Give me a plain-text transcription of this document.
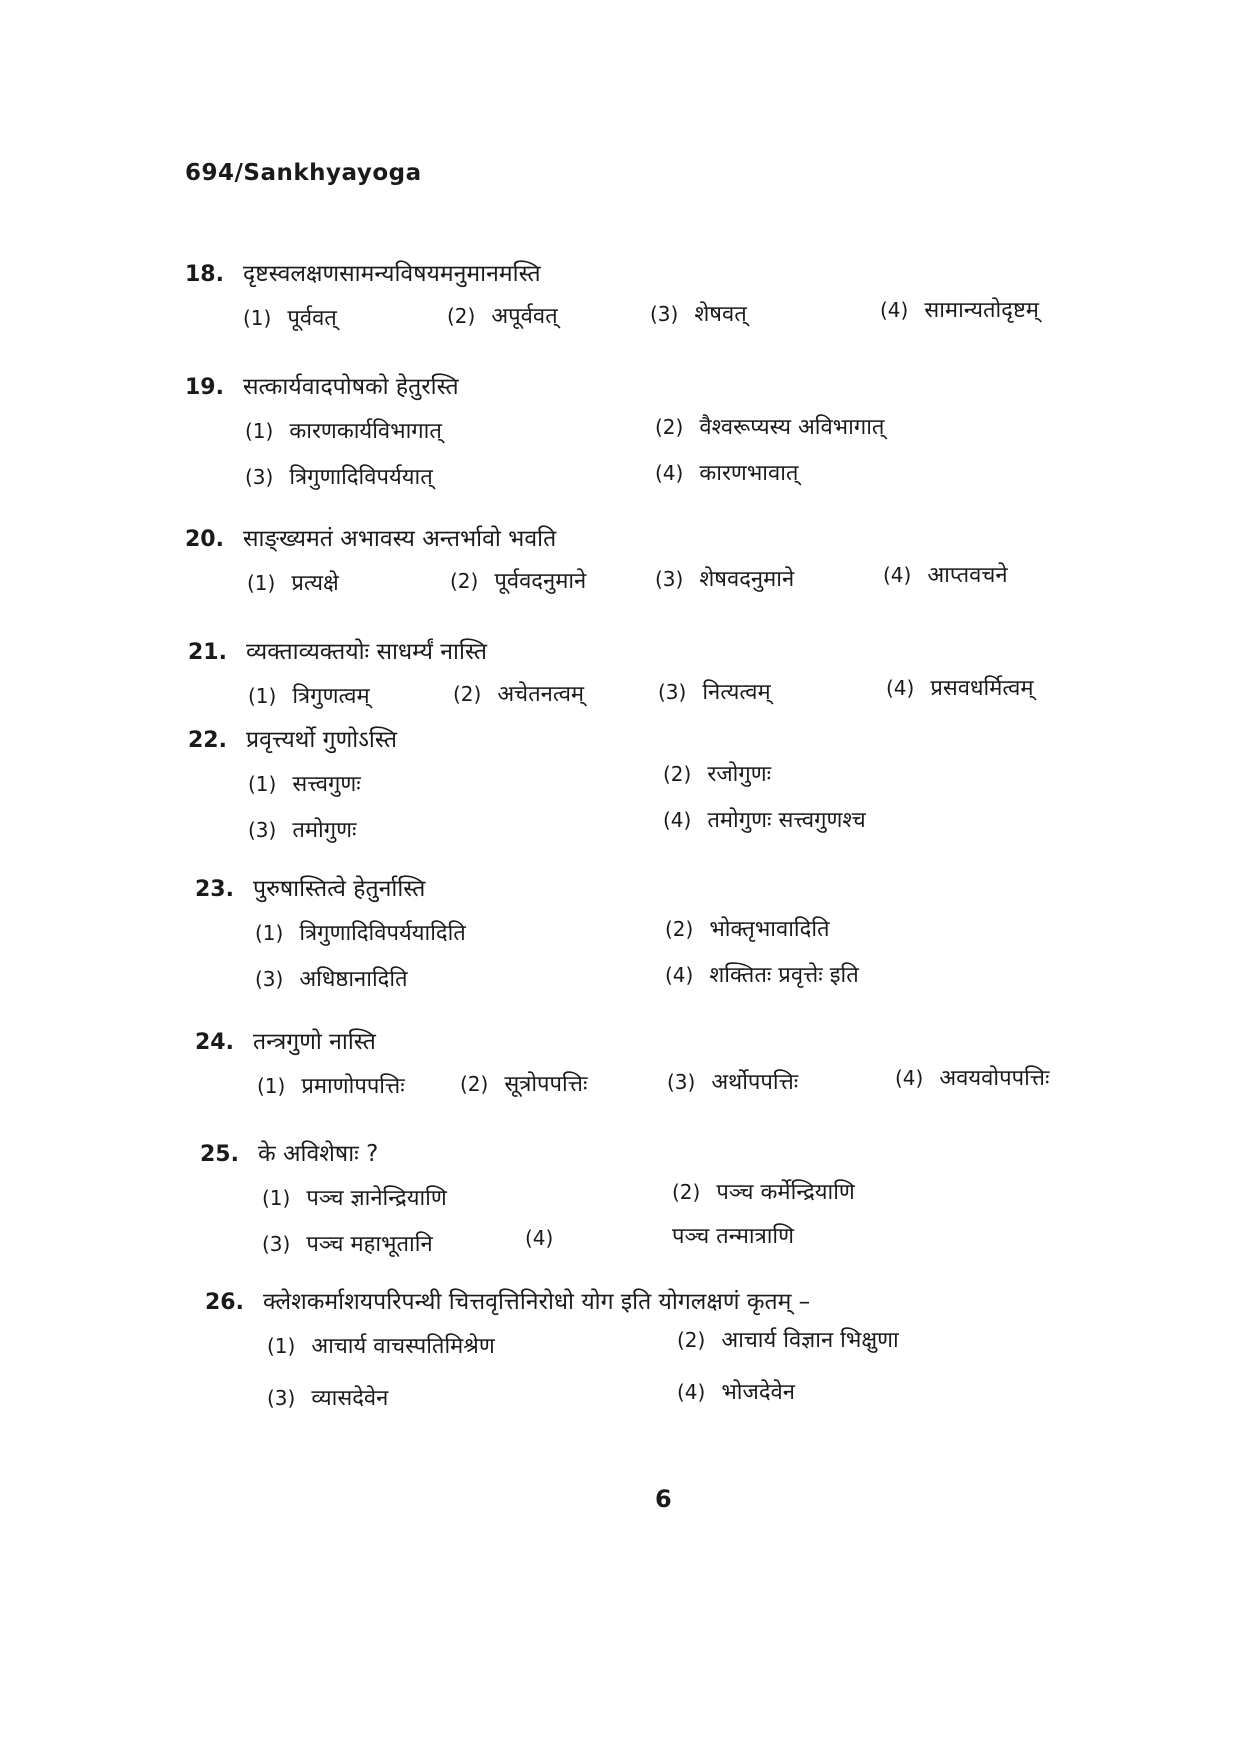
694/Sankhyayoga
18. दृष्टस्वलक्षणसामन्यविषयमनुमानमस्ति
(1) पूर्ववत्	(2) अपूर्ववत्	(3) शेषवत्	(4) सामान्यतोदृष्टम्
19. सत्कार्यवादपोषको हेतुरस्ति
(1) कारणकार्यविभागात्	(2) वैश्वरूप्यस्य अविभागात्
(3) त्रिगुणादिविपर्ययात्	(4) कारणभावात्
20. साङ्ख्यमतं अभावस्य अन्तर्भावो भवति
(1) प्रत्यक्षे	(2) पूर्ववदनुमाने	(3) शेषवदनुमाने	(4) आप्तवचने
21. व्यक्ताव्यक्तयोः साधर्म्यं नास्ति
(1) त्रिगुणत्वम्	(2) अचेतनत्वम्	(3) नित्यत्वम्	(4) प्रसवधर्मित्वम्
22. प्रवृत्त्यर्थो गुणोऽस्ति
(1) सत्त्वगुणः	(2) रजोगुणः
(3) तमोगुणः	(4) तमोगुणः सत्त्वगुणश्च
23. पुरुषास्तित्वे हेतुर्नास्ति
(1) त्रिगुणादिविपर्ययादिति	(2) भोक्तृभावादिति
(3) अधिष्ठानादिति	(4) शक्तितः प्रवृत्तेः इति
24. तन्त्रगुणो नास्ति
(1) प्रमाणोपपत्तिः	(2) सूत्रोपपत्तिः	(3) अर्थोपपत्तिः	(4) अवयवोपपत्तिः
25. के अविशेषाः ?
(1) पञ्च ज्ञानेन्द्रियाणि	(2) पञ्च कर्मेन्द्रियाणि
(3) पञ्च महाभूतानि	(4)	पञ्च तन्मात्राणि
26. क्लेशकर्माशयपरिपन्थी चित्तवृत्तिनिरोधो योग इति योगलक्षणं कृतम् –
(1) आचार्य वाचस्पतिमिश्रेण	(2) आचार्य विज्ञान भिक्षुणा
(3) व्यासदेवेन	(4) भोजदेवेन
6
